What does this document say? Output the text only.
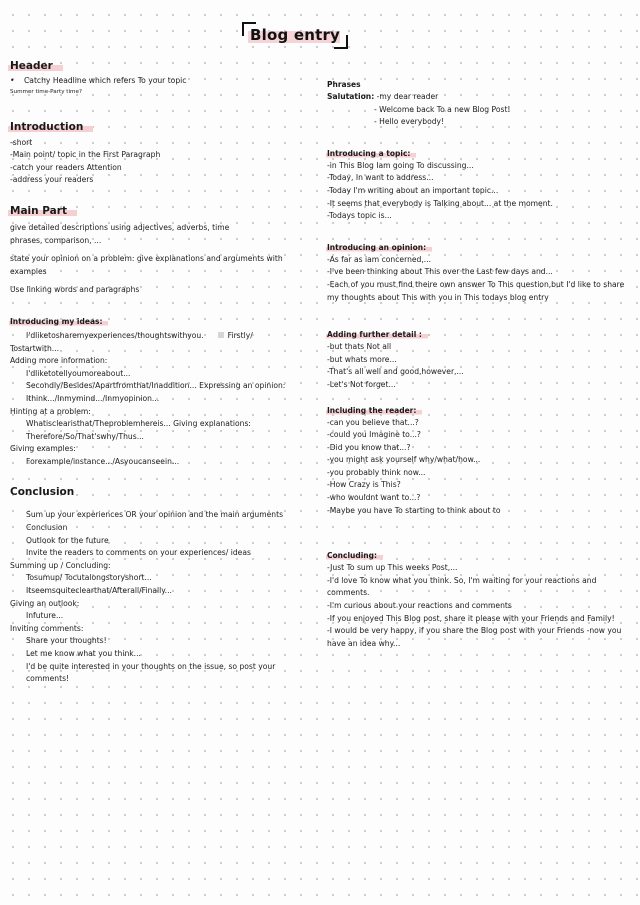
Blog entry
Header
• Catchy Headline which refers To your topic
Summer time-Party time?
Introduction
-short
-Main point/ topic in the First Paragraph
-catch your readers Attention
-address your readers
Main Part
give detailed descriptions using adjectives, adverbs, time phrases, comparison, ...
state your opinion on a problem: give explanations and arguments with examples
Use linking words and paragraphs
Introducing my ideas:
I'dliketosharemyexperiences/thoughtswithyou.	Firstly/
Tostartwith...
Adding more information:
I'dliketotellyoumoreabout...
Secondly/Besides/Apartfromthat/Inaddition... Expressing an opinion:
Ithink.../Inmymind.../Inmyopinion...
Hinting at a problem:
Whatisclearisthat/Theproblemhereis... Giving explanations:
Therefore/So/That'swhy/Thus...
Giving examples:
Forexample/instance.../Asyoucanseein...
Conclusion
Sum up your experiences OR your opinion and the main arguments
Conclusion
Outlook for the future
Invite the readers to comments on your experiences/ ideas
Summing up / Concluding:
Tosumup/ Tocutalongstoryshort...
Itseemsquiteclearthat/Afterall/Finally...
Giving an outlook:
Infuture...
Inviting comments:
Share your thoughts!
Let me know what you think...
I'd be quite interested in your thoughts on the issue, so post your comments!
Phrases
Salutation: -my dear reader
- Welcome back To a new Blog Post!
- Hello everybody!
Introducing a topic:
-in This Blog Iam going To discussing...
-Today, In want to address...
-Today I'm writing about an important topic...
-It seems that everybody is Talking about... at the moment.
-Todays topic is...
Introducing an opinion:
-As far as iam concerned,...
-I've been thinking about This over the Last few days and...
-Each of you must find theire own answer To This question,but I'd like to share my thoughts about This with you in This todays blog entry
Adding further detail :
-but thats Not all
-but whats more...
-That's all well and good,however,...
-Let's Not forget...
Including the reader:
-can you believe that...?
-could you Imagine to...?
-Did you know that...?
-you might ask yourself why/what/how...
-you probably think now...
-How Crazy is This?
-who wouldnt want to...?
-Maybe you have To starting to think about to
Concluding:
-Just To sum up This weeks Post,...
-I'd love To know what you think. So, I'm waiting for your reactions and comments.
-I'm curious about your reactions and comments
-If you enjoyed This Blog post, share it please with your Friends and Family!
-I would be very happy, if you share the Blog post with your Friends -now you have an idea why...
